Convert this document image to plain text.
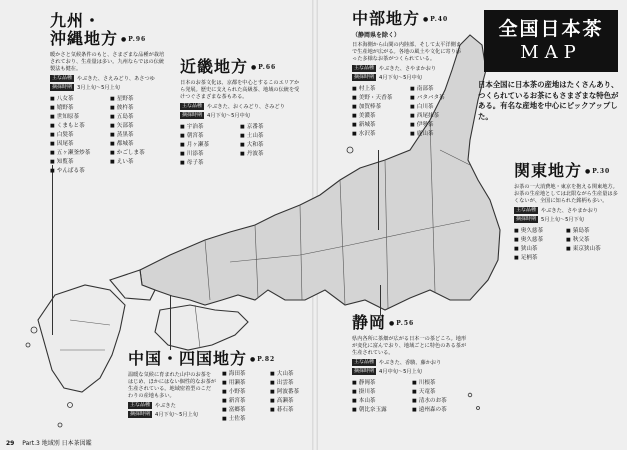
九州・
沖縄地方 ● P.96
暖かさと気候条件のもと、さまざまな品種が栽培されており、生産量は多い。九州ならではの伝統製法も健在。
主な品種 やぶきた、さえみどり、あさつゆ
摘採時期 3月上旬〜5月上旬
■ 八女茶	■ 星野茶
■ 嬉野茶	■ 彼杵茶
■ 世知原茶	■ 五島茶
■ くまもと茶	■ 矢部茶
■ 白髪茶	■ 蒸黒茶
■ 因尾茶	■ 都城茶
■ 五ヶ瀬釜炒茶	■ かごしま茶
■ 知覧茶	■ えい茶
■ やんばる茶
近畿地方 ● P.66
日本のお茶文化は、京都を中心とするこのエリアから発展。歴史に支えられた高級茶、地域の伝統を受けつぐさまざまな茶もある。
主な品種 やぶきた、おくみどり、さみどり
摘採時期 4月下旬〜5月中旬
■ 宇治茶	■ 京番茶
■ 朝宮茶	■ 土山茶
■ 月ヶ瀬茶	■ 大和茶
■ 川添茶	■ 丹波茶
■ 母子茶
中部地方 ● P.40
（静岡県を除く）
日本海側から山間の内陸部、そして太平洋側まで生産地が広がる。各地の風土や文化に寄り添った多様なお茶がつくられている。
主な品種 やぶきた、さやまかおり
摘採時期 4月下旬〜5月中旬
■ 村上茶	■ 南部茶
■ 美野・天香茶	■ バタバタ茶
■ 加賀棒茶	■ 白川茶
■ 美濃茶	■ 西尾抹茶
■ 新城茶	■ 伊勢茶
■ 水沢茶	■ 鹿山茶
全国日本茶
MAP
日本全国に日本茶の産地はたくさんあり、つくられているお茶にもさまざまな特色がある。有名な産地を中心にピックアップした。
関東地方 ● P.30
お茶の一大消費地・東京を抱える関東地方。お茶の生産地としては北限ながら生産量は多くないが、全国に知られた銘柄も多い。
主な品種 やぶきた、さやまかおり
摘採時期 5月上旬〜5月下旬
■ 奥久慈茶	■ 猿島茶
■ 奥久慈茶	■ 秋父茶
■ 狭山茶	■ 東京狭山茶
■ 足柄茶
静岡 ● P.56
県内各所に茶畑が広がる日本一の茶どころ。地形が変化に富んでおり、地域ごとに特色のある茶が生産されている。
主な品種 やぶきた、香駿、藤かおり
摘採時期 4月中旬〜5月上旬
■ 静岡茶	■ 川根茶
■ 掛川茶	■ 天竜茶
■ 本山茶	■ 清水のお茶
■ 朝比奈玉露	■ 遠州森の茶
中国・四国地方 ● P.82
温暖な気候に育まれた山中のお茶をはじめ、ほかにはない個性的なお茶が生産されている。地域密着型のこだわりの産地も多い。
主な品種 やぶきた
摘採時期 4月下旬〜5月上旬
■ 海田茶	■ 大山茶
■ 用瀬茶	■ 出雲茶
■ 小野茶	■ 阿波番茶
■ 新宮茶	■ 高瀬茶
■ 富郷茶	■ 碁石茶
■ 土佐茶
29 Part.3 地域別 日本茶図鑑
